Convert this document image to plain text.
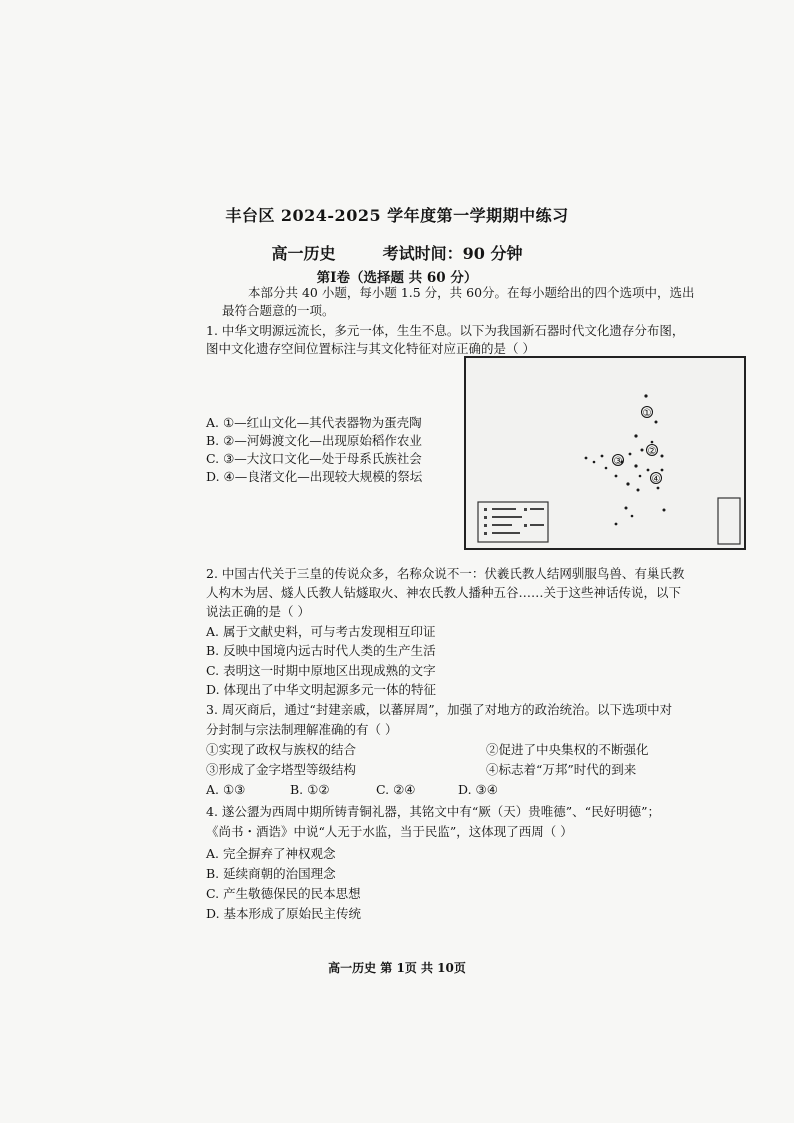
丰台区 2024-2025 学年度第一学期期中练习
高一历史	考试时间：90 分钟
第Ⅰ卷（选择题 共 60 分）
本部分共 40 小题，每小题 1.5 分，共 60分。在每小题给出的四个选项中，选出
最符合题意的一项。
1. 中华文明源远流长，多元一体，生生不息。以下为我国新石器时代文化遗存分布图，
图中文化遗存空间位置标注与其文化特征对应正确的是（ ）
A. ①—红山文化—其代表器物为蛋壳陶
B. ②—河姆渡文化—出现原始稻作农业
C. ③—大汶口文化—处于母系氏族社会
D. ④—良渚文化—出现较大规模的祭坛
①
②
③
④
2. 中国古代关于三皇的传说众多，名称众说不一：伏羲氏教人结网驯服鸟兽、有巢氏教
人构木为居、燧人氏教人钻燧取火、神农氏教人播种五谷……关于这些神话传说，以下
说法正确的是（ ）
A. 属于文献史料，可与考古发现相互印证
B. 反映中国境内远古时代人类的生产生活
C. 表明这一时期中原地区出现成熟的文字
D. 体现出了中华文明起源多元一体的特征
3. 周灭商后，通过“封建亲戚，以蕃屏周”，加强了对地方的政治统治。以下选项中对
分封制与宗法制理解准确的有（ ）
①实现了政权与族权的结合	②促进了中央集权的不断强化
③形成了金字塔型等级结构	④标志着“万邦”时代的到来
A. ①③	B. ①②	C. ②④	D. ③④
4. 遂公盨为西周中期所铸青铜礼器，其铭文中有“厥（天）贵唯德”、“民好明德”；
《尚书・酒诰》中说“人无于水监，当于民监”，这体现了西周（ ）
A. 完全摒弃了神权观念
B. 延续商朝的治国理念
C. 产生敬德保民的民本思想
D. 基本形成了原始民主传统
高一历史 第 1页 共 10页
